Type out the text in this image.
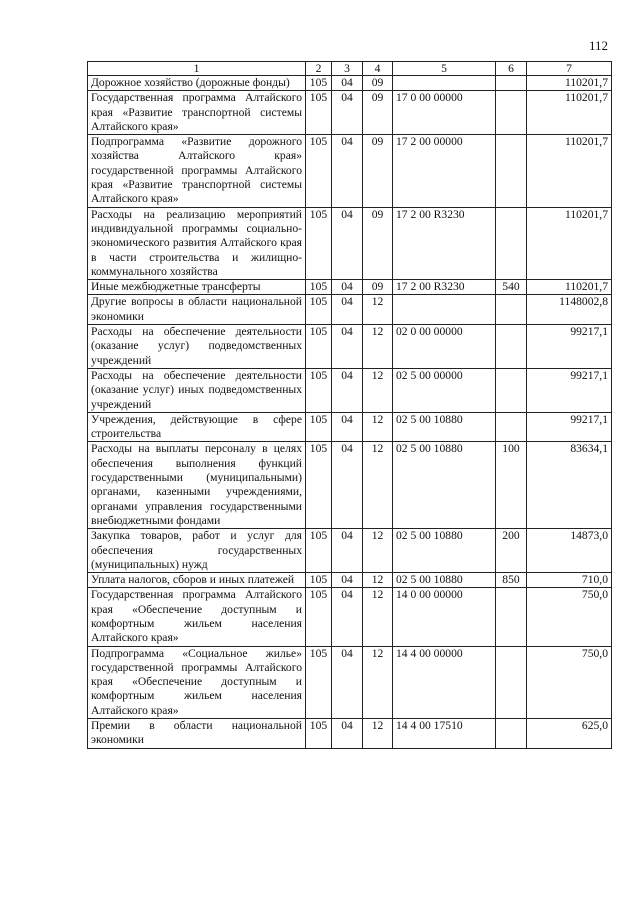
112
1	2	3	4	5	6	7
Дорожное хозяйство (дорожные фонды)	105	04	09			110201,7
Государственная программа Алтайского края «Развитие транспортной системы Алтайского края»	105	04	09	17 0 00 00000		110201,7
Подпрограмма «Развитие дорожного хозяйства Алтайского края» государственной программы Алтайского края «Развитие транспортной системы Алтайского края»	105	04	09	17 2 00 00000		110201,7
Расходы на реализацию мероприятий индивидуальной программы социально-экономического развития Алтайского края в части строительства и жилищно-коммунального хозяйства	105	04	09	17 2 00 R3230		110201,7
Иные межбюджетные трансферты	105	04	09	17 2 00 R3230	540	110201,7
Другие вопросы в области национальной экономики	105	04	12			1148002,8
Расходы на обеспечение деятельности (оказание услуг) подведомственных учреждений	105	04	12	02 0 00 00000		99217,1
Расходы на обеспечение деятельности (оказание услуг) иных подведомственных учреждений	105	04	12	02 5 00 00000		99217,1
Учреждения, действующие в сфере строительства	105	04	12	02 5 00 10880		99217,1
Расходы на выплаты персоналу в целях обеспечения выполнения функций государственными (муниципальными) органами, казенными учреждениями, органами управления государственными внебюджетными фондами	105	04	12	02 5 00 10880	100	83634,1
Закупка товаров, работ и услуг для обеспечения государственных (муниципальных) нужд	105	04	12	02 5 00 10880	200	14873,0
Уплата налогов, сборов и иных платежей	105	04	12	02 5 00 10880	850	710,0
Государственная программа Алтайского края «Обеспечение доступным и комфортным жильем населения Алтайского края»	105	04	12	14 0 00 00000		750,0
Подпрограмма «Социальное жилье» государственной программы Алтайского края «Обеспечение доступным и комфортным жильем населения Алтайского края»	105	04	12	14 4 00 00000		750,0
Премии в области национальной экономики	105	04	12	14 4 00 17510		625,0
